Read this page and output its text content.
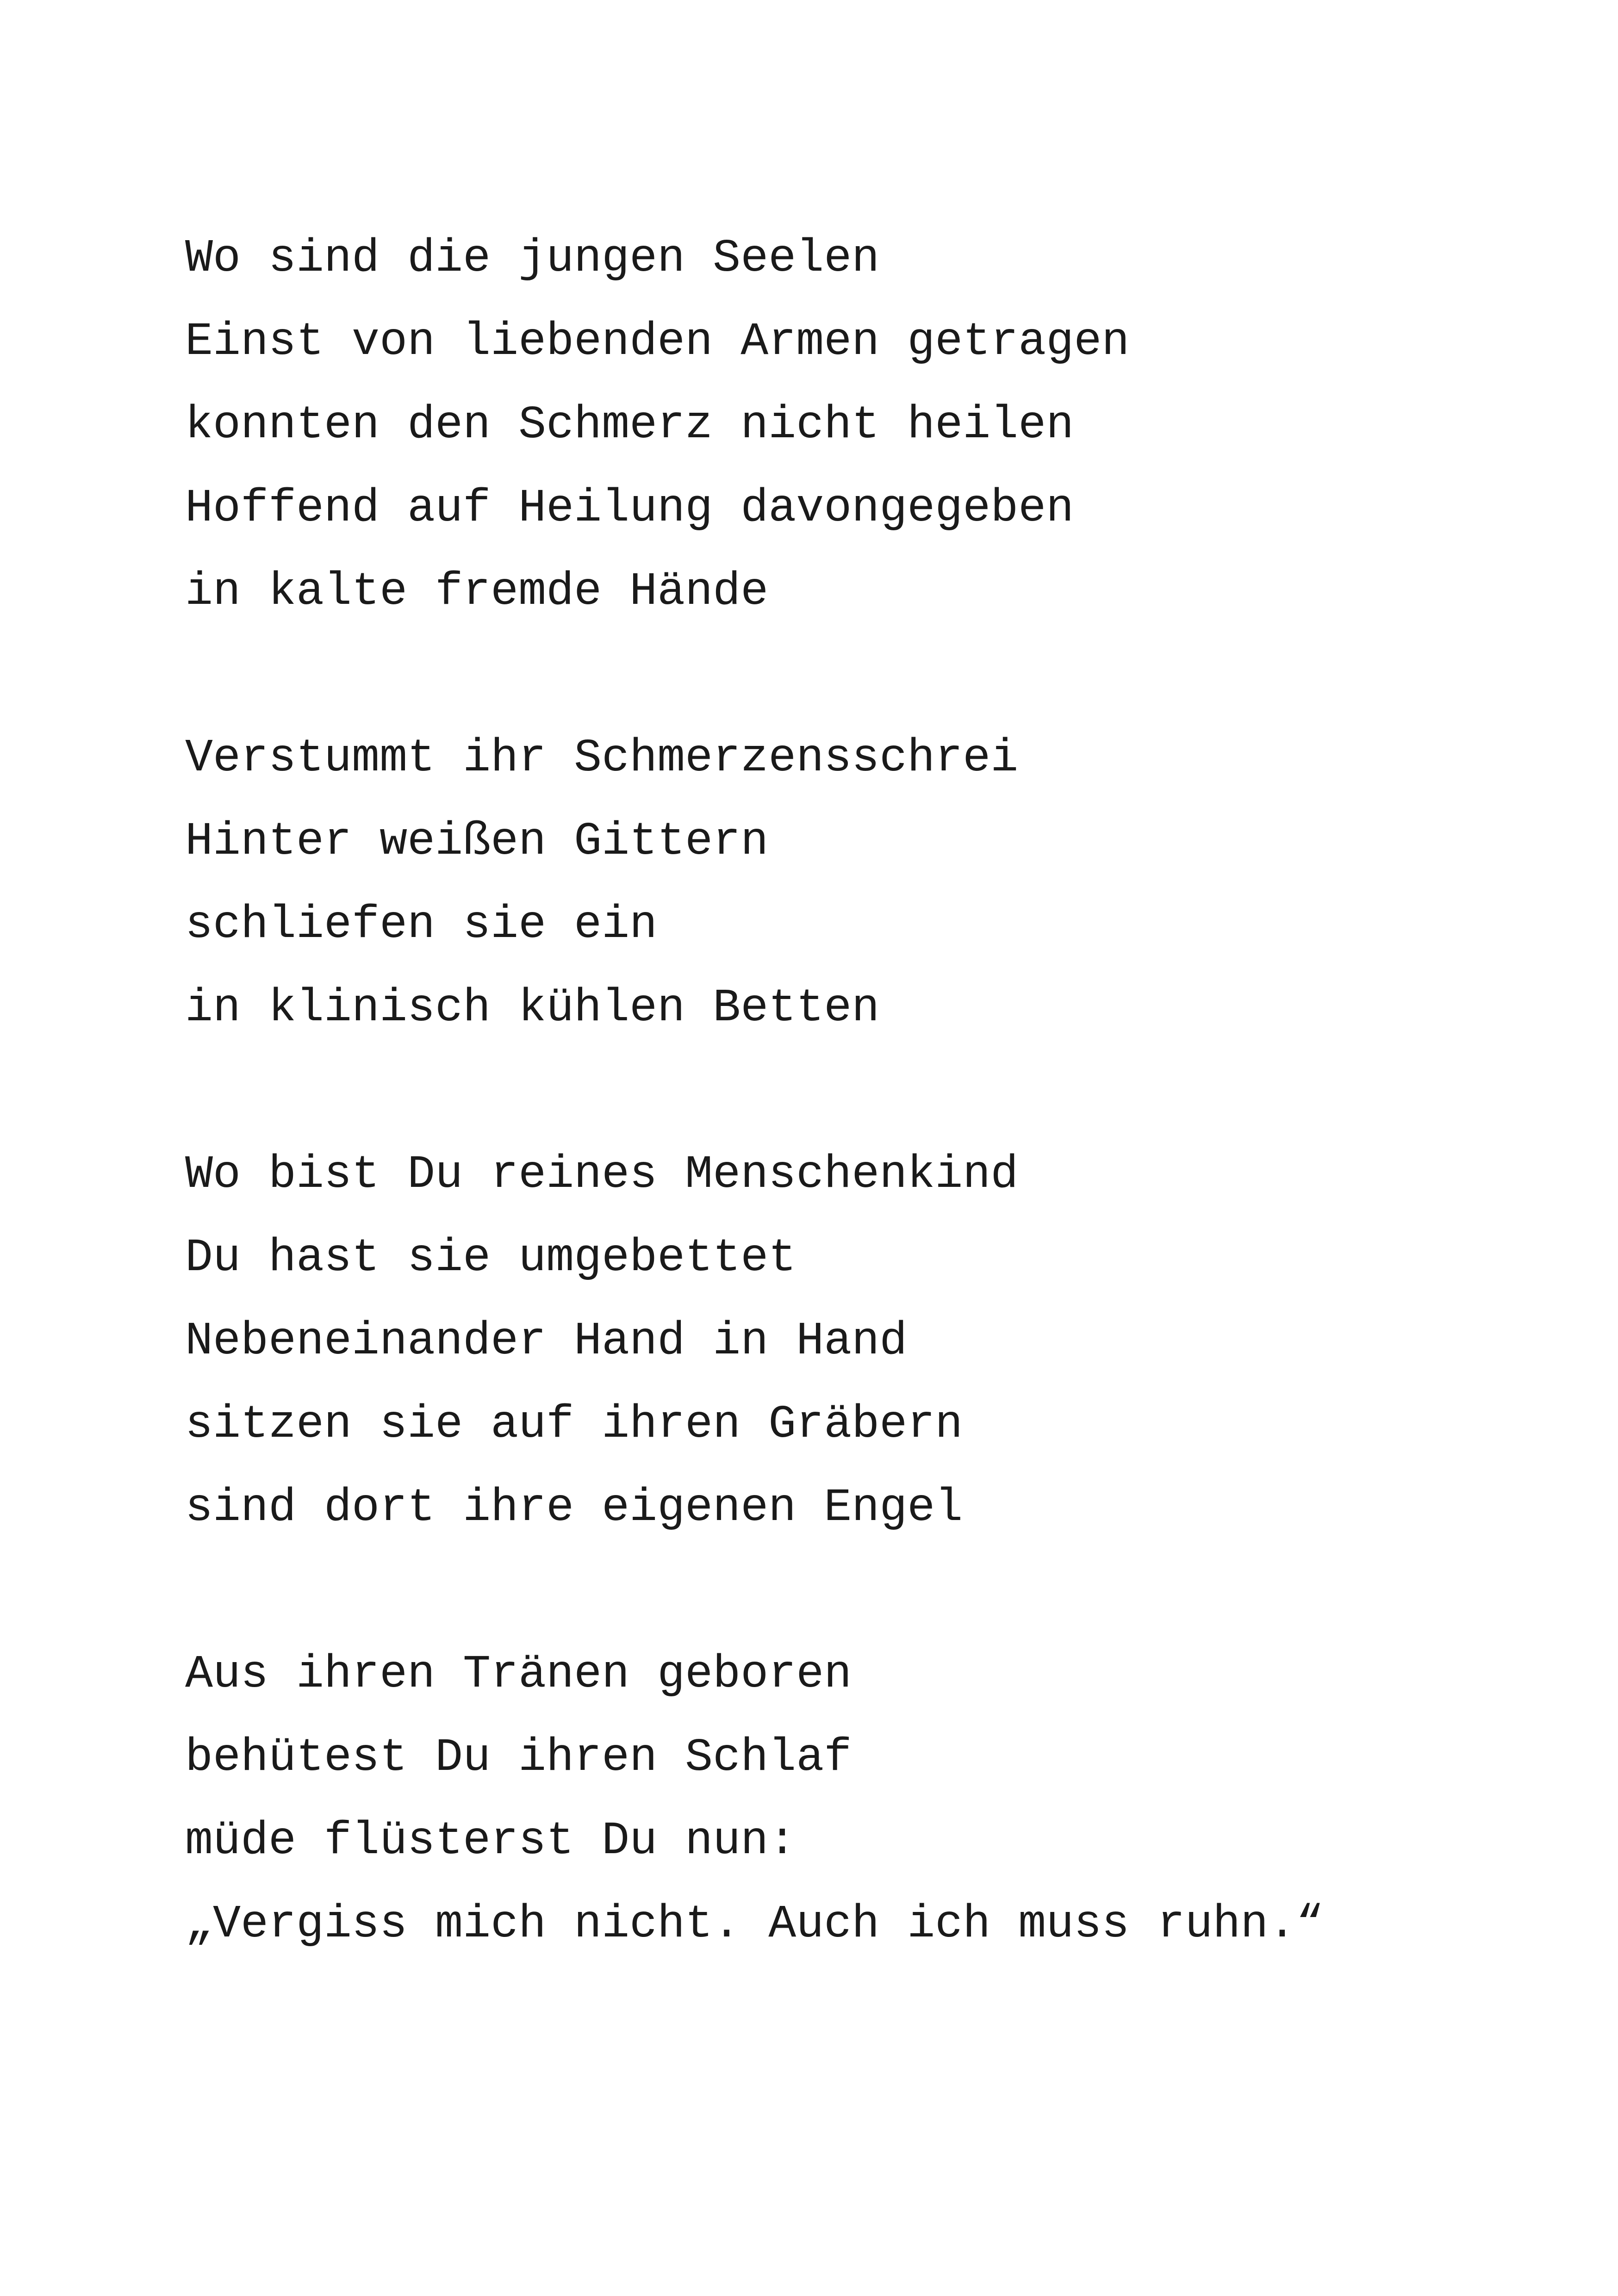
Wo sind die jungen Seelen
Einst von liebenden Armen getragen
konnten den Schmerz nicht heilen
Hoffend auf Heilung davongegeben
in kalte fremde Hände
Verstummt ihr Schmerzensschrei
Hinter weißen Gittern
schliefen sie ein
in klinisch kühlen Betten
Wo bist Du reines Menschenkind
Du hast sie umgebettet
Nebeneinander Hand in Hand
sitzen sie auf ihren Gräbern
sind dort ihre eigenen Engel
Aus ihren Tränen geboren
behütest Du ihren Schlaf
müde flüsterst Du nun:
„Vergiss mich nicht. Auch ich muss ruhn.“
